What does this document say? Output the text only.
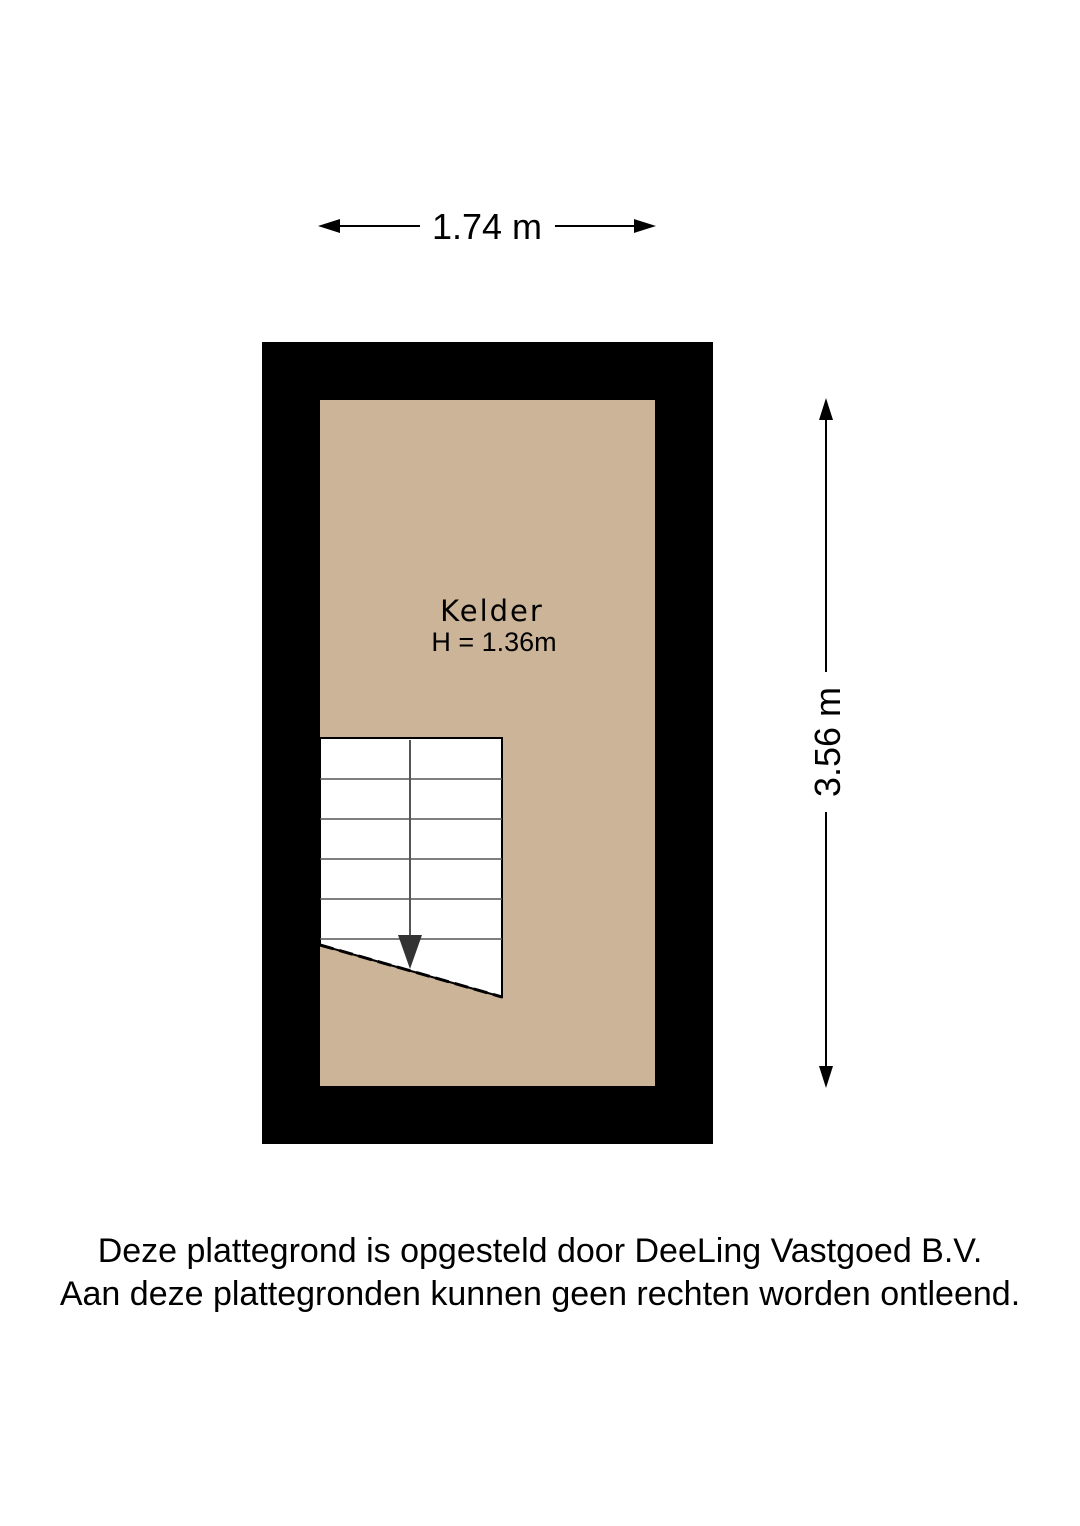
1.74 m
3.56 m
Kelder
H = 1.36m
Deze plattegrond is opgesteld door DeeLing Vastgoed B.V.
Aan deze plattegronden kunnen geen rechten worden ontleend.
